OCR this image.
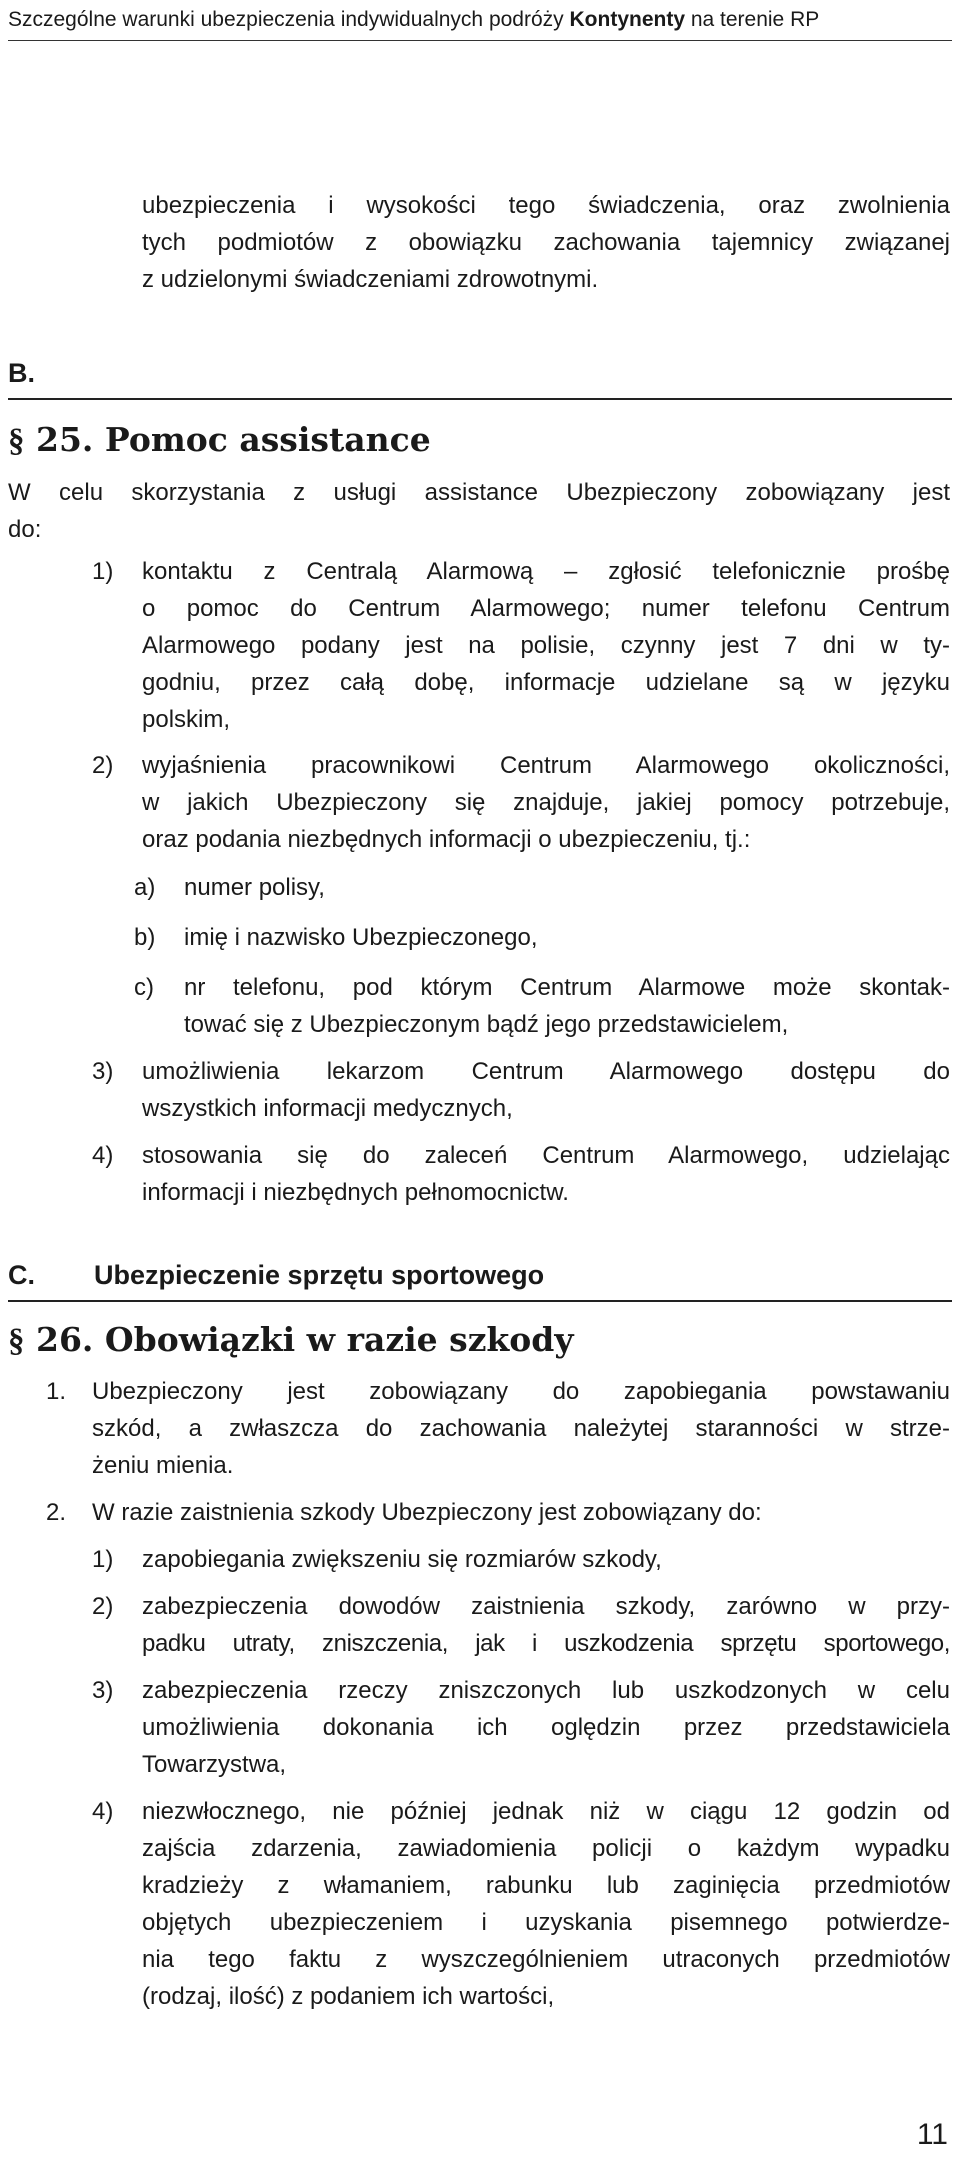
Szczególne warunki ubezpieczenia indywidualnych podróży Kontynenty na terenie RP
ubezpieczenia i wysokości tego świadczenia, oraz zwolnienia
tych podmiotów z obowiązku zachowania tajemnicy związanej
z udzielonymi świadczeniami zdrowotnymi.
B.
§ 25. Pomoc assistance
W celu skorzystania z usługi assistance Ubezpieczony zobowiązany jest
do:
1) kontaktu z Centralą Alarmową – zgłosić telefonicznie prośbę
o pomoc do Centrum Alarmowego; numer telefonu Centrum
Alarmowego podany jest na polisie, czynny jest 7 dni w ty-
godniu, przez całą dobę, informacje udzielane są w języku
polskim,
2) wyjaśnienia pracownikowi Centrum Alarmowego okoliczności,
w jakich Ubezpieczony się znajduje, jakiej pomocy potrzebuje,
oraz podania niezbędnych informacji o ubezpieczeniu, tj.:
a) numer polisy,
b) imię i nazwisko Ubezpieczonego,
c) nr telefonu, pod którym Centrum Alarmowe może skontak-
tować się z Ubezpieczonym bądź jego przedstawicielem,
3) umożliwienia lekarzom Centrum Alarmowego dostępu do
wszystkich informacji medycznych,
4) stosowania się do zaleceń Centrum Alarmowego, udzielając
informacji i niezbędnych pełnomocnictw.
C. Ubezpieczenie sprzętu sportowego
§ 26. Obowiązki w razie szkody
1. Ubezpieczony jest zobowiązany do zapobiegania powstawaniu
szkód, a zwłaszcza do zachowania należytej staranności w strze-
żeniu mienia.
2. W razie zaistnienia szkody Ubezpieczony jest zobowiązany do:
1) zapobiegania zwiększeniu się rozmiarów szkody,
2) zabezpieczenia dowodów zaistnienia szkody, zarówno w przy-
padku utraty, zniszczenia, jak i uszkodzenia sprzętu sportowego,
3) zabezpieczenia rzeczy zniszczonych lub uszkodzonych w celu
umożliwienia dokonania ich oględzin przez przedstawiciela
Towarzystwa,
4) niezwłocznego, nie później jednak niż w ciągu 12 godzin od
zajścia zdarzenia, zawiadomienia policji o każdym wypadku
kradzieży z włamaniem, rabunku lub zaginięcia przedmiotów
objętych ubezpieczeniem i uzyskania pisemnego potwierdze-
nia tego faktu z wyszczególnieniem utraconych przedmiotów
(rodzaj, ilość) z podaniem ich wartości,
11
